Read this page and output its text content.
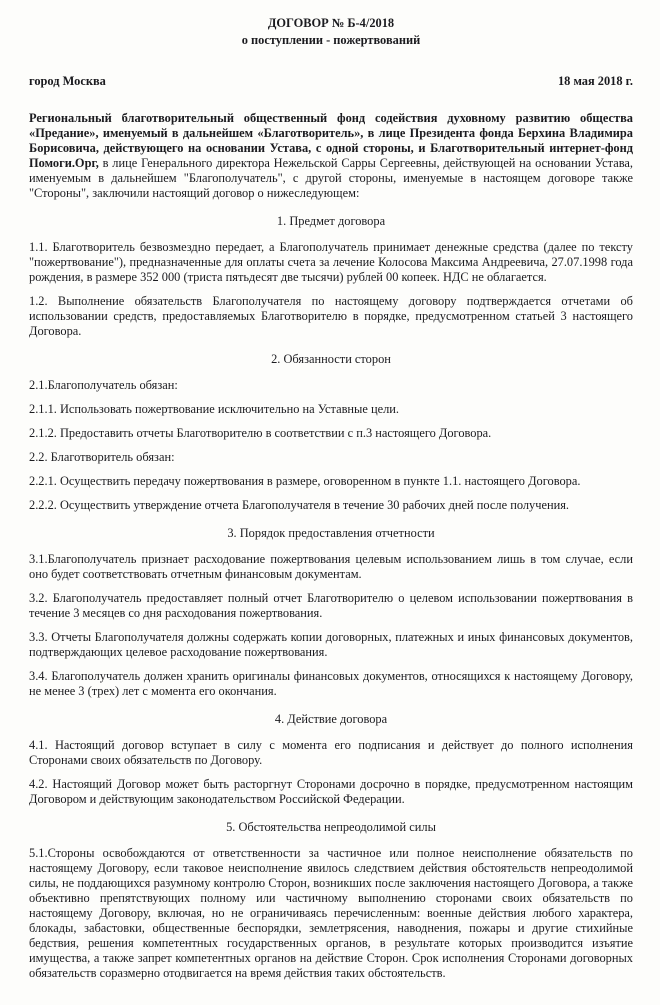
ДОГОВОР № Б-4/2018
о поступлении - пожертвований
город Москва	18 мая 2018 г.

Региональный благотворительный общественный фонд содействия духовному развитию общества «Предание», именуемый в дальнейшем «Благотворитель», в лице Президента фонда Берхина Владимира Борисовича, действующего на основании Устава, с одной стороны, и Благотворительный интернет-фонд Помоги.Орг, в лице Генерального директора Нежельской Сарры Сергеевны, действующей на основании Устава, именуемым в дальнейшем "Благополучатель", с другой стороны, именуемые в настоящем договоре также "Стороны", заключили настоящий договор о нижеследующем:

1. Предмет договора

1.1. Благотворитель безвозмездно передает, а Благополучатель принимает денежные средства (далее по тексту "пожертвование"), предназначенные для оплаты счета за лечение Колосова Максима Андреевича, 27.07.1998 года рождения, в размере 352 000 (триста пятьдесят две тысячи) рублей 00 копеек. НДС не облагается.

1.2. Выполнение обязательств Благополучателя по настоящему договору подтверждается отчетами об использовании средств, предоставляемых Благотворителю в порядке, предусмотренном статьей 3 настоящего Договора.

2. Обязанности сторон

2.1.Благополучатель обязан:

2.1.1. Использовать пожертвование исключительно на Уставные цели.

2.1.2. Предоставить отчеты Благотворителю в соответствии с п.3 настоящего Договора.

2.2. Благотворитель обязан:

2.2.1. Осуществить передачу пожертвования в размере, оговоренном в пункте 1.1. настоящего Договора.

2.2.2. Осуществить утверждение отчета Благополучателя в течение 30 рабочих дней после получения.

3. Порядок предоставления отчетности

3.1.Благополучатель признает расходование пожертвования целевым использованием лишь в том случае, если оно будет соответствовать отчетным финансовым документам.

3.2. Благополучатель предоставляет полный отчет Благотворителю о целевом использовании пожертвования в течение 3 месяцев со дня расходования пожертвования.

3.3. Отчеты Благополучателя должны содержать копии договорных, платежных и иных финансовых документов, подтверждающих целевое расходование пожертвования.

3.4. Благополучатель должен хранить оригиналы финансовых документов, относящихся к настоящему Договору, не менее 3 (трех) лет с момента его окончания.

4. Действие договора

4.1. Настоящий договор вступает в силу с момента его подписания и действует до полного исполнения Сторонами своих обязательств по Договору.

4.2. Настоящий Договор может быть расторгнут Сторонами досрочно в порядке, предусмотренном настоящим Договором и действующим законодательством Российской Федерации.

5. Обстоятельства непреодолимой силы

5.1.Стороны освобождаются от ответственности за частичное или полное неисполнение обязательств по настоящему Договору, если таковое неисполнение явилось следствием действия обстоятельств непреодолимой силы, не поддающихся разумному контролю Сторон, возникших после заключения настоящего Договора, а также объективно препятствующих полному или частичному выполнению сторонами своих обязательств по настоящему Договору, включая, но не ограничиваясь перечисленным: военные действия любого характера, блокады, забастовки, общественные беспорядки, землетрясения, наводнения, пожары и другие стихийные бедствия, решения компетентных государственных органов, в результате которых производится изъятие имущества, а также запрет компетентных органов на действие Сторон. Срок исполнения Сторонами договорных обязательств соразмерно отодвигается на время действия таких обстоятельств.
